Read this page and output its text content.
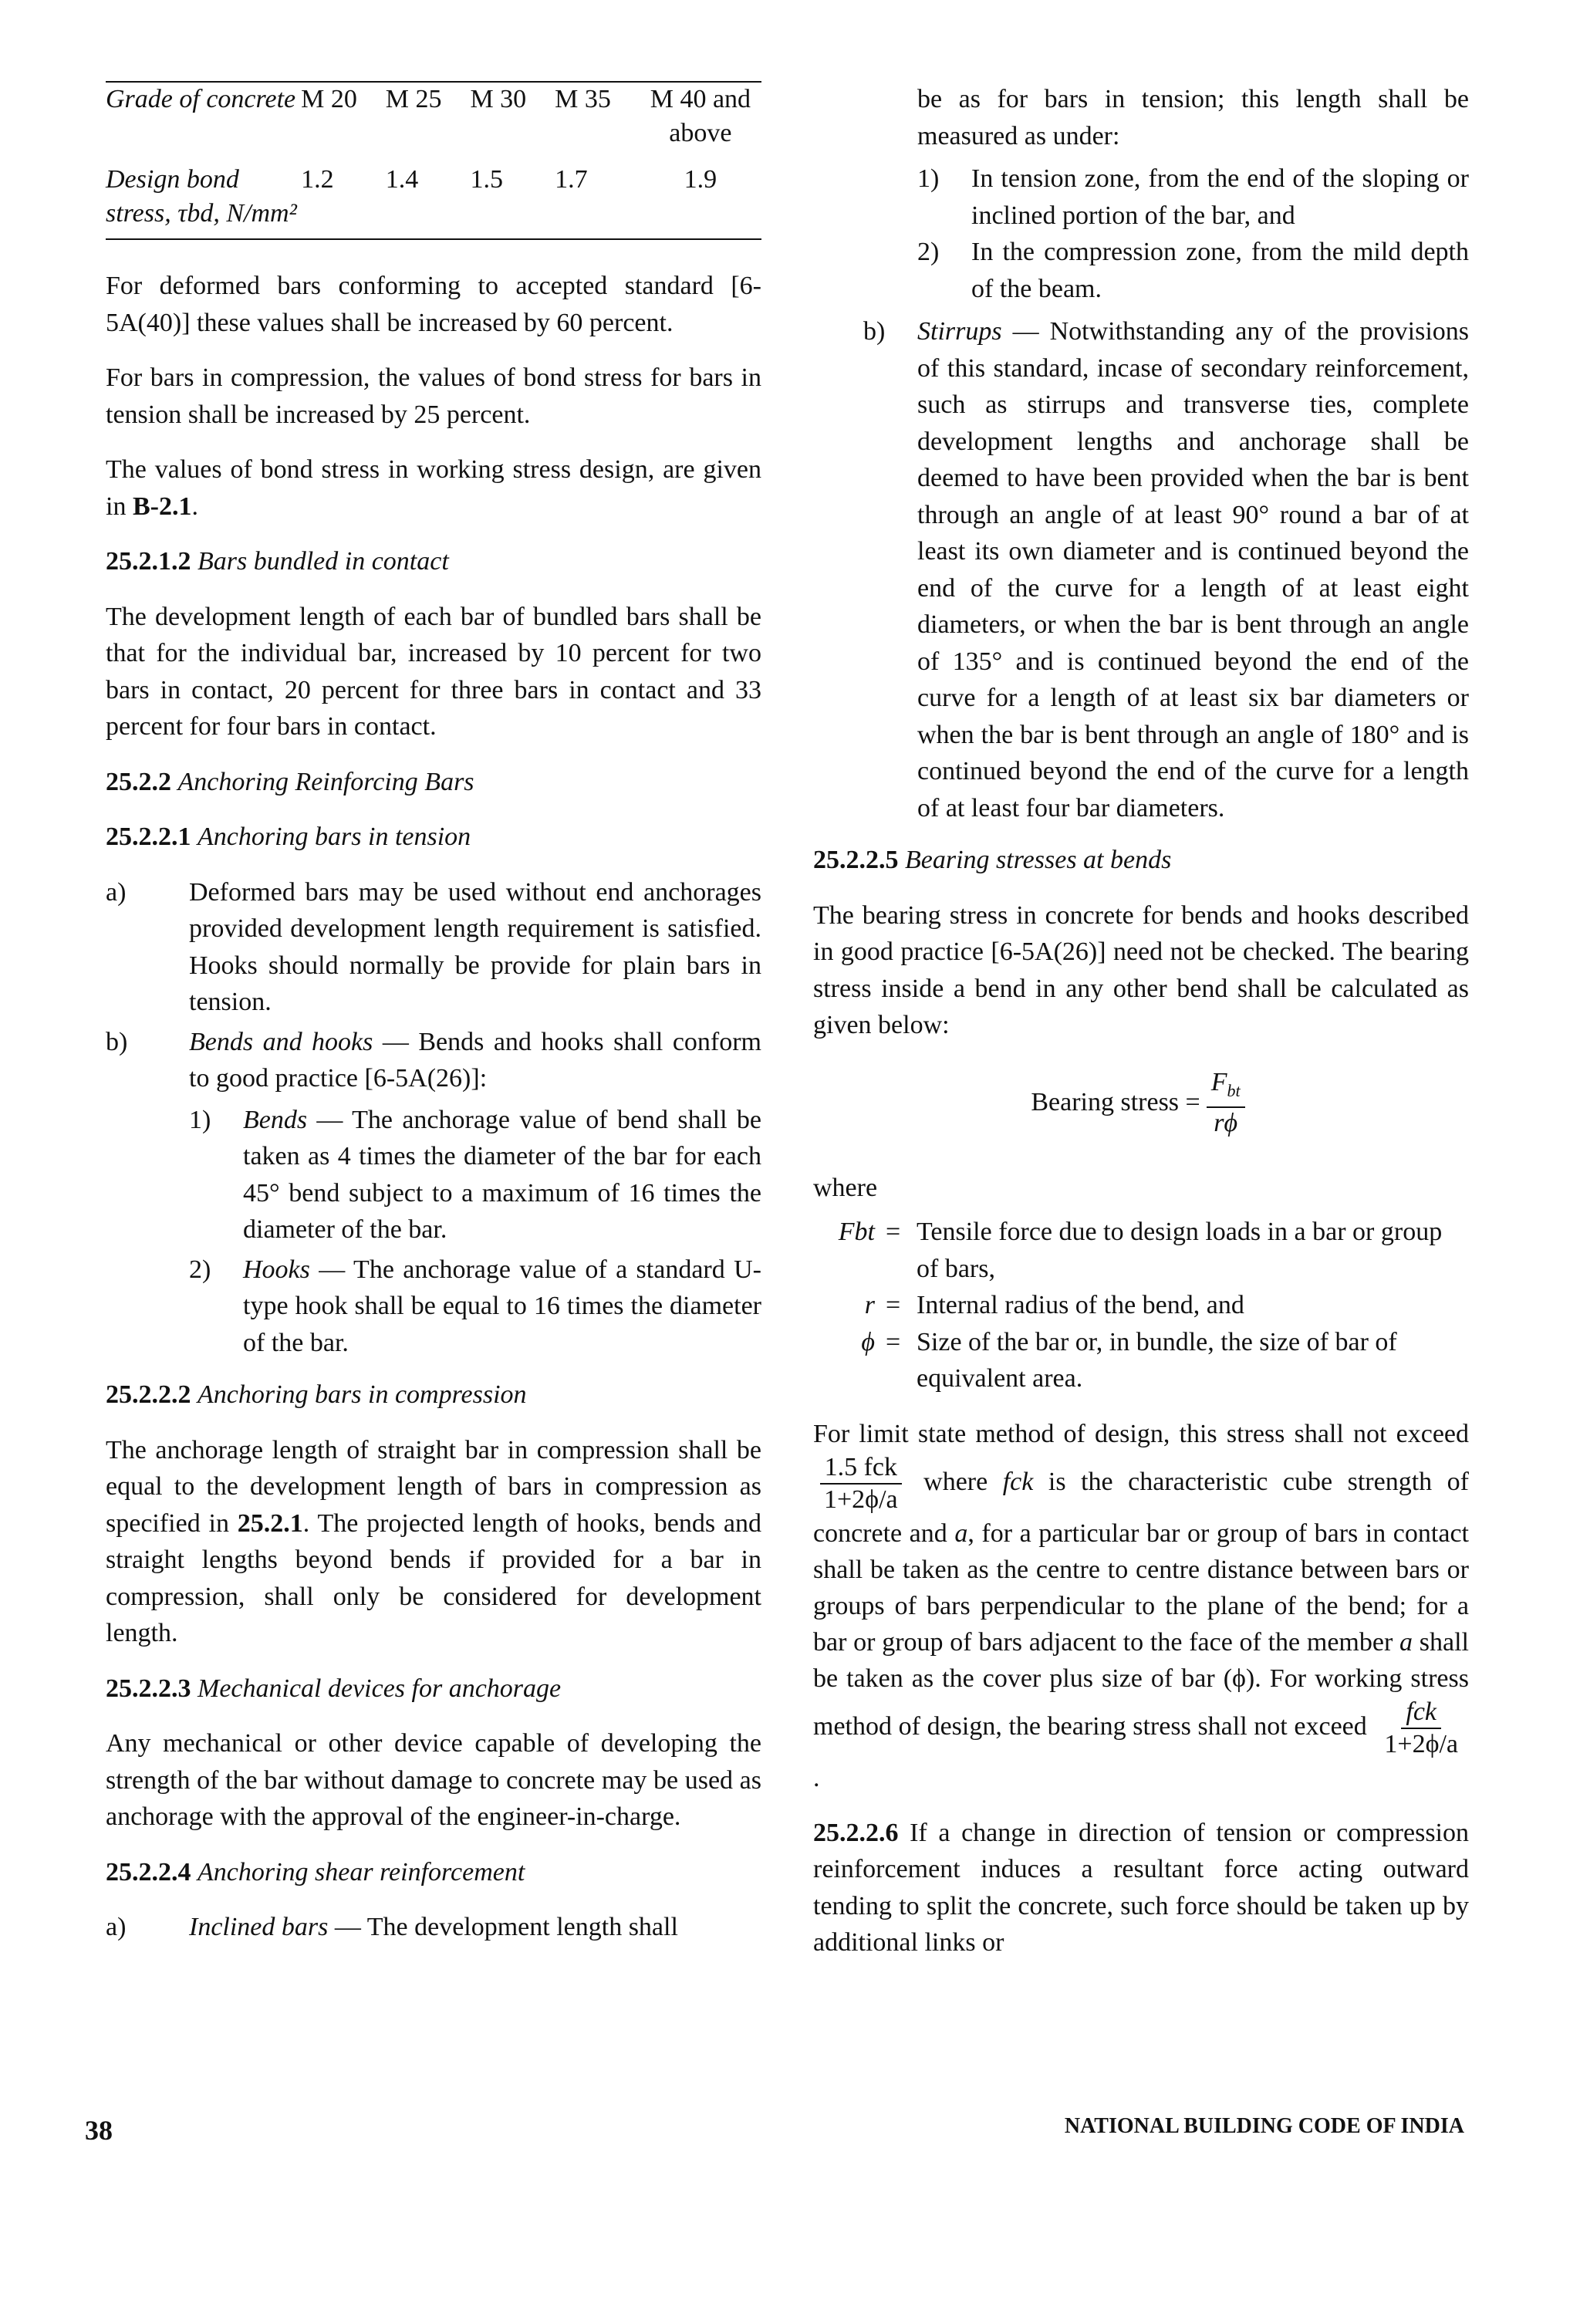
Grade of concrete	M 20	M 25	M 30	M 35	M 40 and above
Design bond stress, τbd, N/mm²	1.2	1.4	1.5	1.7	1.9

For deformed bars conforming to accepted standard [6-5A(40)] these values shall be increased by 60 percent.

For bars in compression, the values of bond stress for bars in tension shall be increased by 25 percent.

The values of bond stress in working stress design, are given in B-2.1.

25.2.1.2 Bars bundled in contact

The development length of each bar of bundled bars shall be that for the individual bar, increased by 10 percent for two bars in contact, 20 percent for three bars in contact and 33 percent for four bars in contact.

25.2.2 Anchoring Reinforcing Bars
25.2.2.1 Anchoring bars in tension
a) Deformed bars may be used without end anchorages provided development length requirement is satisfied. Hooks should normally be provide for plain bars in tension.
b) Bends and hooks — Bends and hooks shall conform to good practice [6-5A(26)]:
1) Bends — The anchorage value of bend shall be taken as 4 times the diameter of the bar for each 45° bend subject to a maximum of 16 times the diameter of the bar.
2) Hooks — The anchorage value of a standard U-type hook shall be equal to 16 times the diameter of the bar.
25.2.2.2 Anchoring bars in compression

The anchorage length of straight bar in compression shall be equal to the development length of bars in compression as specified in 25.2.1. The projected length of hooks, bends and straight lengths beyond bends if provided for a bar in compression, shall only be considered for development length.

25.2.2.3 Mechanical devices for anchorage

Any mechanical or other device capable of developing the strength of the bar without damage to concrete may be used as anchorage with the approval of the engineer-in-charge.

25.2.2.4 Anchoring shear reinforcement
a) Inclined bars — The development length shall

be as for bars in tension; this length shall be measured as under:

1) In tension zone, from the end of the sloping or inclined portion of the bar, and
2) In the compression zone, from the mild depth of the beam.
b) Stirrups — Notwithstanding any of the provisions of this standard, incase of secondary reinforcement, such as stirrups and transverse ties, complete development lengths and anchorage shall be deemed to have been provided when the bar is bent through an angle of at least 90° round a bar of at least its own diameter and is continued beyond the end of the curve for a length of at least eight diameters, or when the bar is bent through an angle of 135° and is continued beyond the end of the curve for a length of at least six bar diameters or when the bar is bent through an angle of 180° and is continued beyond the end of the curve for a length of at least four bar diameters.
25.2.2.5 Bearing stresses at bends

The bearing stress in concrete for bends and hooks described in good practice [6-5A(26)] need not be checked. The bearing stress inside a bend in any other bend shall be calculated as given below:

Bearing stress = $\frac{F_{bt}}{r\phi}$
where
Fbt = Tensile force due to design loads in a bar or group of bars,
r = Internal radius of the bend, and
ϕ = Size of the bar or, in bundle, the size of bar of equivalent area.

For limit state method of design, this stress shall not exceed
$\frac{\text{1.5 fck}}{1+2\phi/a}$ where fck is the characteristic cube strength of concrete and a, for a particular bar or group of bars in contact shall be taken as the centre to centre distance between bars or groups of bars perpendicular to the plane of the bend; for a bar or group of bars adjacent to the face of the member a shall be taken as the cover plus size of bar (ϕ). For working stress method of design, the bearing stress shall not exceed $\frac{\text{fck}}{1+2\phi/a}$
.

25.2.2.6 If a change in direction of tension or compression reinforcement induces a resultant force acting outward tending to split the concrete, such force should be taken up by additional links or

38	NATIONAL BUILDING CODE OF INDIA
